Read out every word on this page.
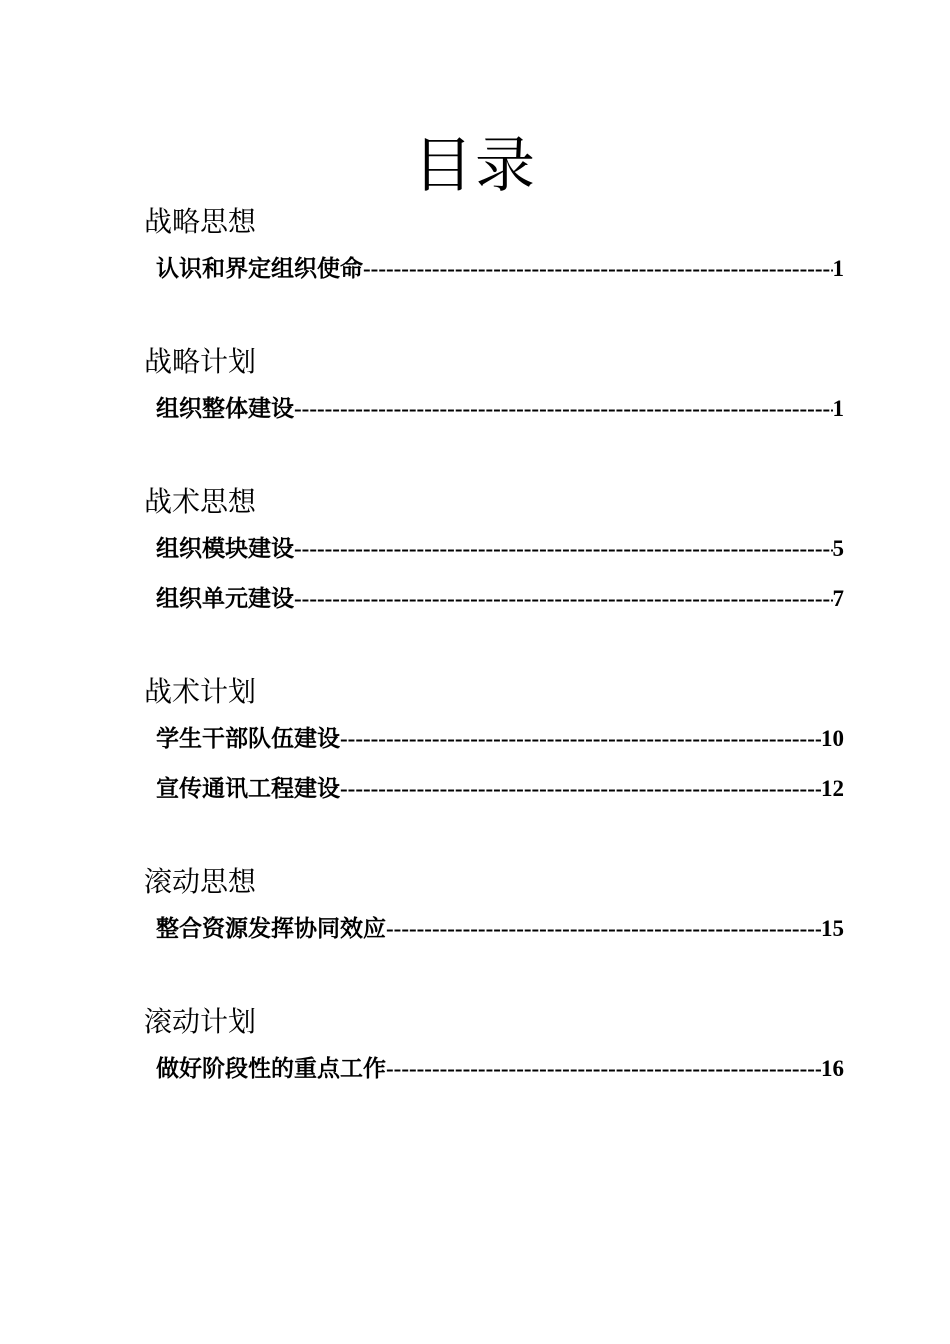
目录
战略思想
认识和界定组织使命 -----	1
战略计划
组织整体建设 -----	1
战术思想
组织模块建设 -----	5
组织单元建设 -----	7
战术计划
学生干部队伍建设 -----	10
宣传通讯工程建设 -----	12
滚动思想
整合资源发挥协同效应 -----	15
滚动计划
做好阶段性的重点工作 -----	16
